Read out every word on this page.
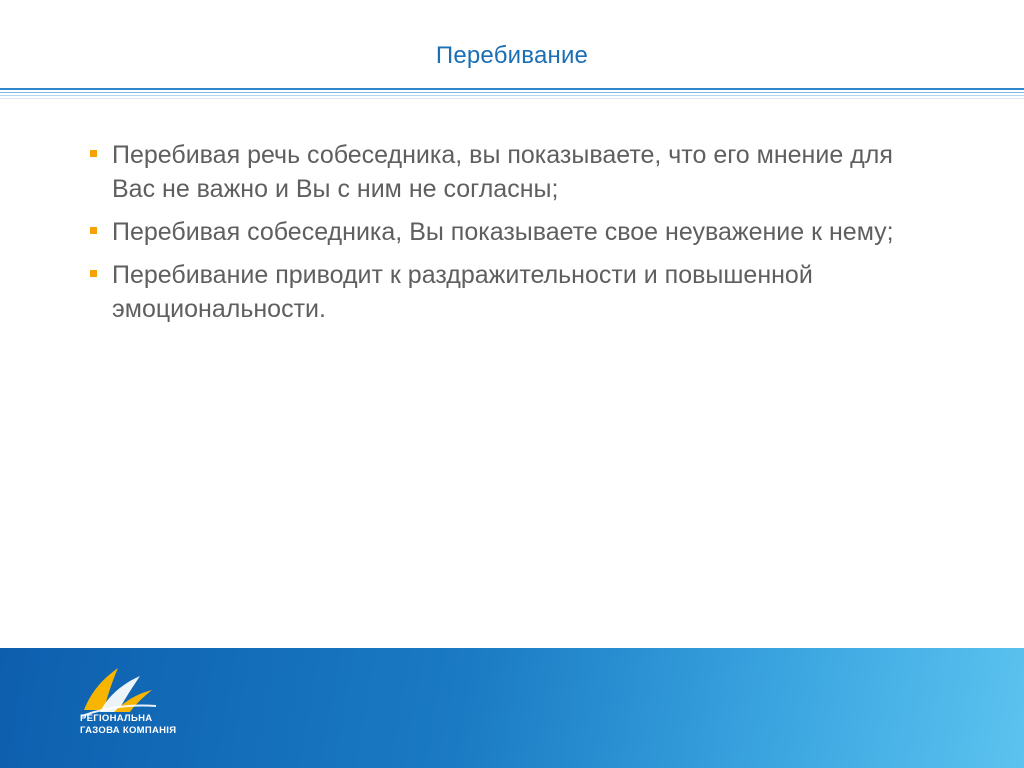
Перебивание
Перебивая речь собеседника, вы показываете, что его мнение для Вас не важно и Вы с ним не согласны;
Перебивая собеседника, Вы показываете свое неуважение к нему;
Перебивание приводит к раздражительности и повышенной эмоциональности.
РЕГІОНАЛЬНА
ГАЗОВА КОМПАНІЯ
